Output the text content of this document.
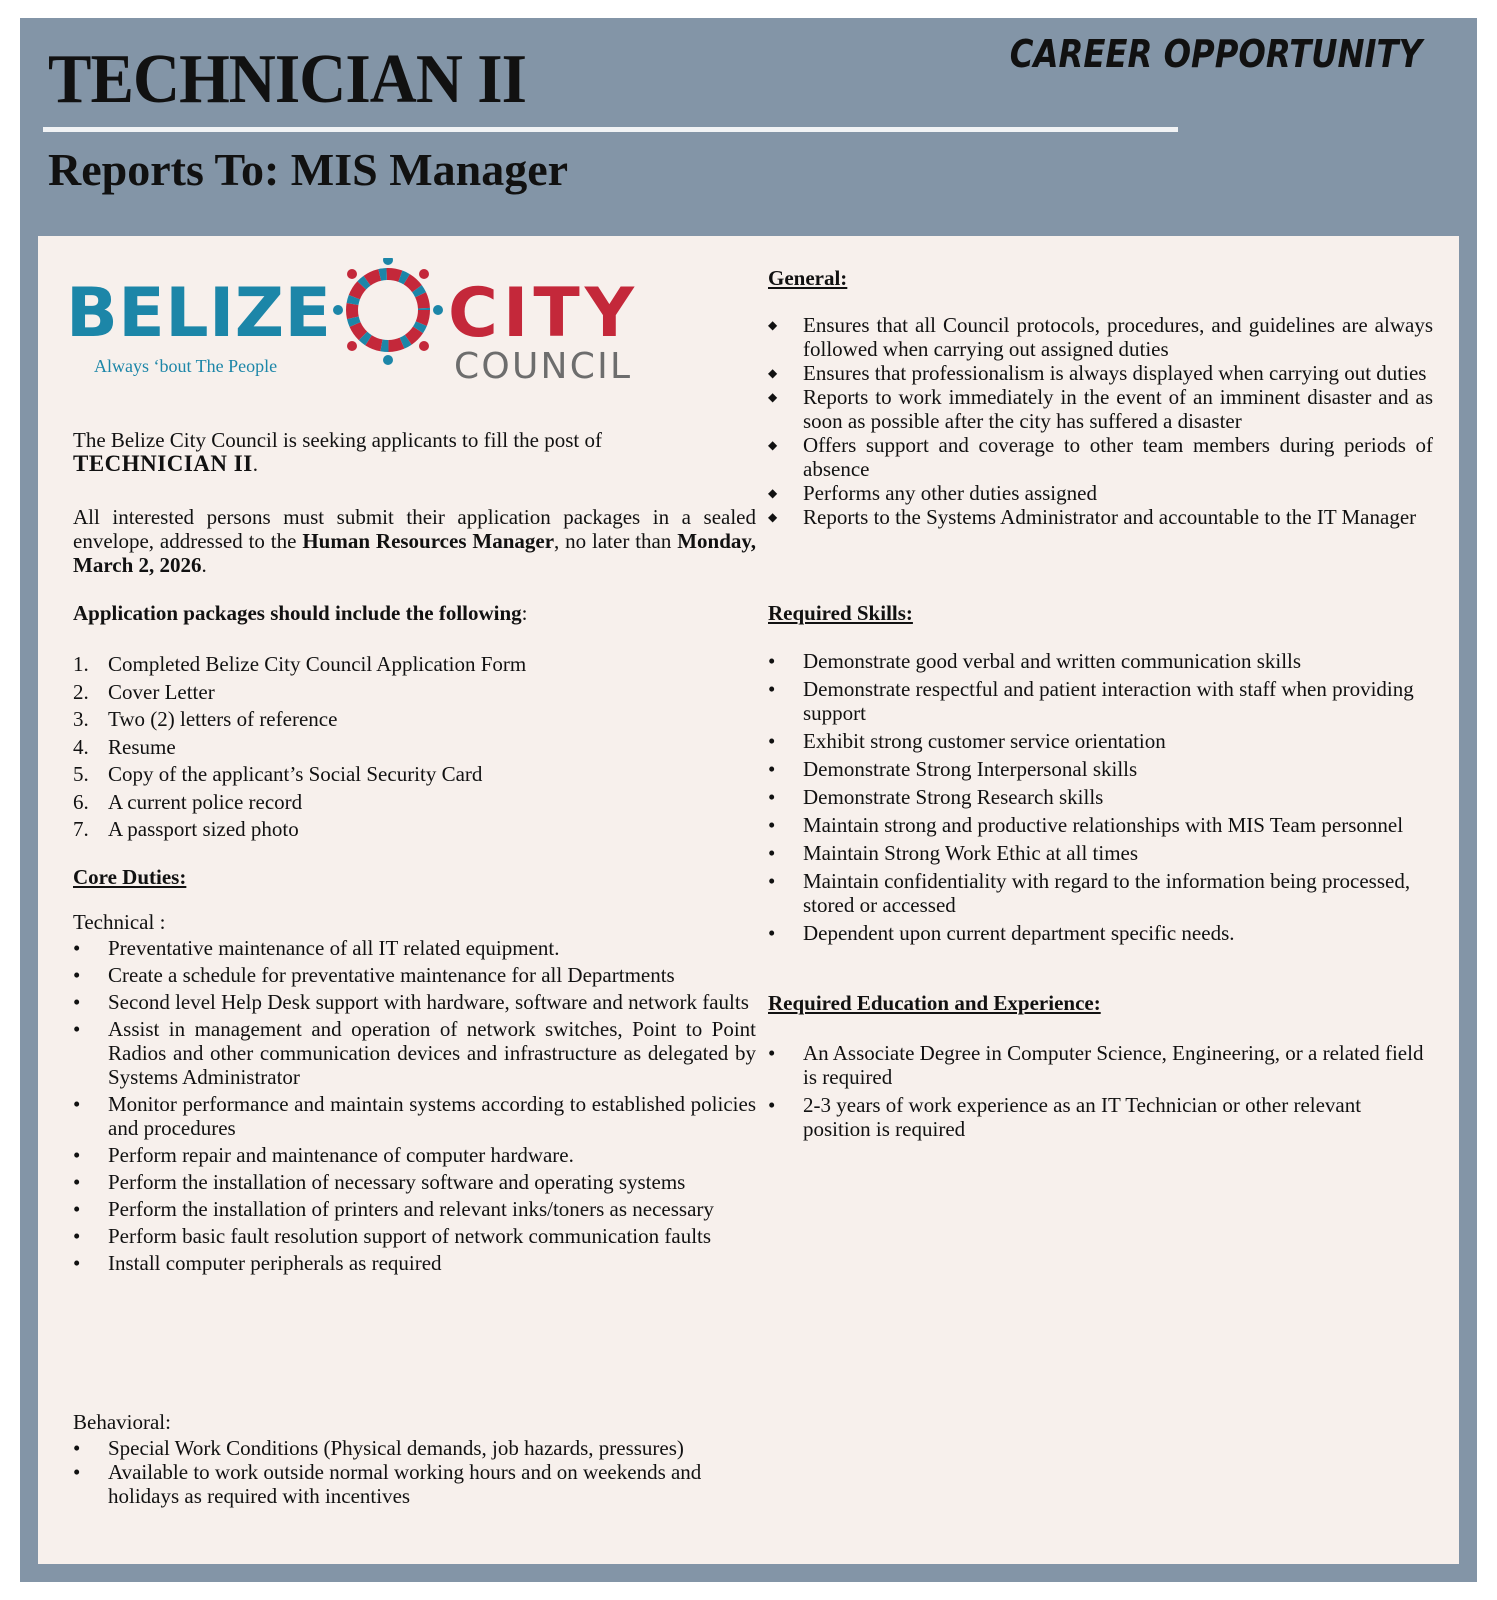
TECHNICIAN II	CAREER OPPORTUNITY
Reports To: MIS Manager
BELIZE
Always ‘bout The People
CITY
COUNCIL
The Belize City Council is seeking applicants to fill the post of
TECHNICIAN II.
All interested persons must submit their application packages in a sealed envelope, addressed to the Human Resources Manager, no later than Monday, March 2, 2026.
Application packages should include the following:
1. Completed Belize City Council Application Form
2. Cover Letter
3. Two (2) letters of reference
4. Resume
5. Copy of the applicant’s Social Security Card
6. A current police record
7. A passport sized photo
Core Duties:
Technical :
• Preventative maintenance of all IT related equipment.
• Create a schedule for preventative maintenance for all Departments
• Second level Help Desk support with hardware, software and network faults
• Assist in management and operation of network switches, Point to Point Radios and other communication devices and infrastructure as delegated by Systems Administrator
• Monitor performance and maintain systems according to established policies and procedures
• Perform repair and maintenance of computer hardware.
• Perform the installation of necessary software and operating systems
• Perform the installation of printers and relevant inks/toners as necessary
• Perform basic fault resolution support of network communication faults
• Install computer peripherals as required
Behavioral:
• Special Work Conditions (Physical demands, job hazards, pressures)
• Available to work outside normal working hours and on weekends and holidays as required with incentives
General:
◆ Ensures that all Council protocols, procedures, and guidelines are always followed when carrying out assigned duties
◆ Ensures that professionalism is always displayed when carrying out duties
◆ Reports to work immediately in the event of an imminent disaster and as soon as possible after the city has suffered a disaster
◆ Offers support and coverage to other team members during periods of absence
◆ Performs any other duties assigned
◆ Reports to the Systems Administrator and accountable to the IT Manager
Required Skills:
• Demonstrate good verbal and written communication skills
• Demonstrate respectful and patient interaction with staff when providing support
• Exhibit strong customer service orientation
• Demonstrate Strong Interpersonal skills
• Demonstrate Strong Research skills
• Maintain strong and productive relationships with MIS Team personnel
• Maintain Strong Work Ethic at all times
• Maintain confidentiality with regard to the information being processed, stored or accessed
• Dependent upon current department specific needs.
Required Education and Experience:
• An Associate Degree in Computer Science, Engineering, or a related field is required
• 2-3 years of work experience as an IT Technician or other relevant position is required
